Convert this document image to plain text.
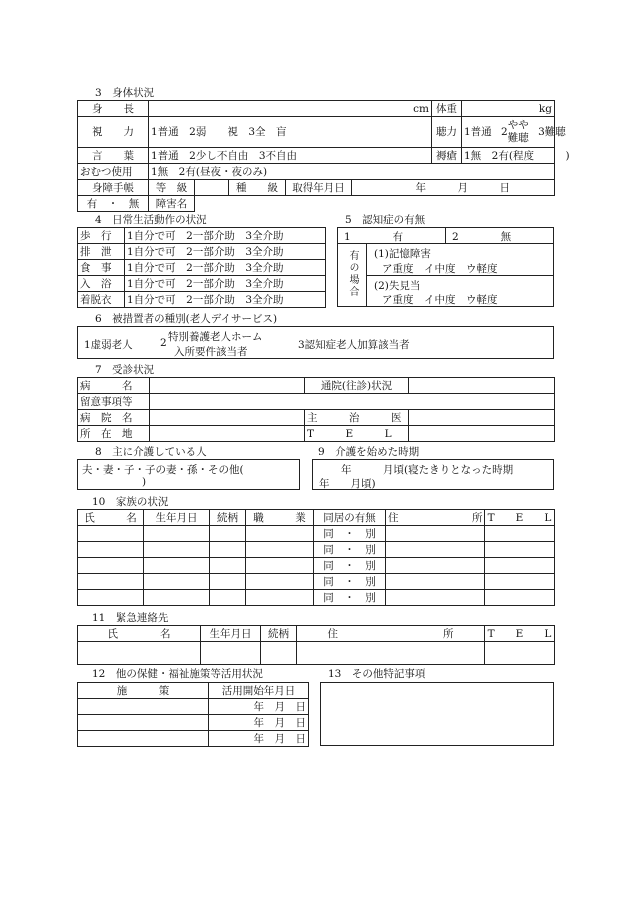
3　身体状況
身　　長	cm	体重	kg
視　　力	1普通　2弱　　視　3全　盲	聴力	1普通 2やや
難聴 3難聴
言　　葉	1普通　2少し不自由　3不自由	褥瘡	1無　2有(程度　　　)
おむつ使用	1無　2有(昼夜・夜のみ)		
身障手帳	等　級		種　　級	取得年月日	年　　　月　　　日
有　・　無	障害名				
4　日常生活動作の状況
歩　行	1自分で可　2一部介助　3全介助
排　泄	1自分で可　2一部介助　3全介助
食　事	1自分で可　2一部介助　3全介助
入　浴	1自分で可　2一部介助　3全介助
着脱衣	1自分で可　2一部介助　3全介助
5　認知症の有無
1　　　　有	2　　　　無
有の場合 (1)記憶障害
ア重度　イ中度　ウ軽度
(2)失見当
ア重度　イ中度　ウ軽度
6　被措置者の種別(老人デイサービス)
1虚弱老人	2 特別養護老人ホーム
入所要件該当者
3認知症老人加算該当者
7　受診状況
病　　　名		通院(往診)状況	
留意事項等			
病　院　名		主　　　治　　　医	
所　在　地		T　　　E　　　L	
8　主に介護している人
夫・妻・子・子の妻・孫・その他(
)
9　介護を始めた時期
年　　　月頃(寝たきりとなった時期
年　　月頃)
10　家族の状況
氏　　　名	生年月日	続柄	職　　　業	同居の有無	住　　　　　　　所	T　　E　　L
				同　・　別		
				同　・　別		
				同　・　別		
				同　・　別		
				同　・　別		
11　緊急連絡先
氏　　　　名	生年月日	続柄	住　　　　　　　　　　所	T　　E　　L

12　他の保健・福祉施策等活用状況
施　　　策	活用開始年月日
	年　月　日
	年　月　日
	年　月　日
13　その他特記事項
